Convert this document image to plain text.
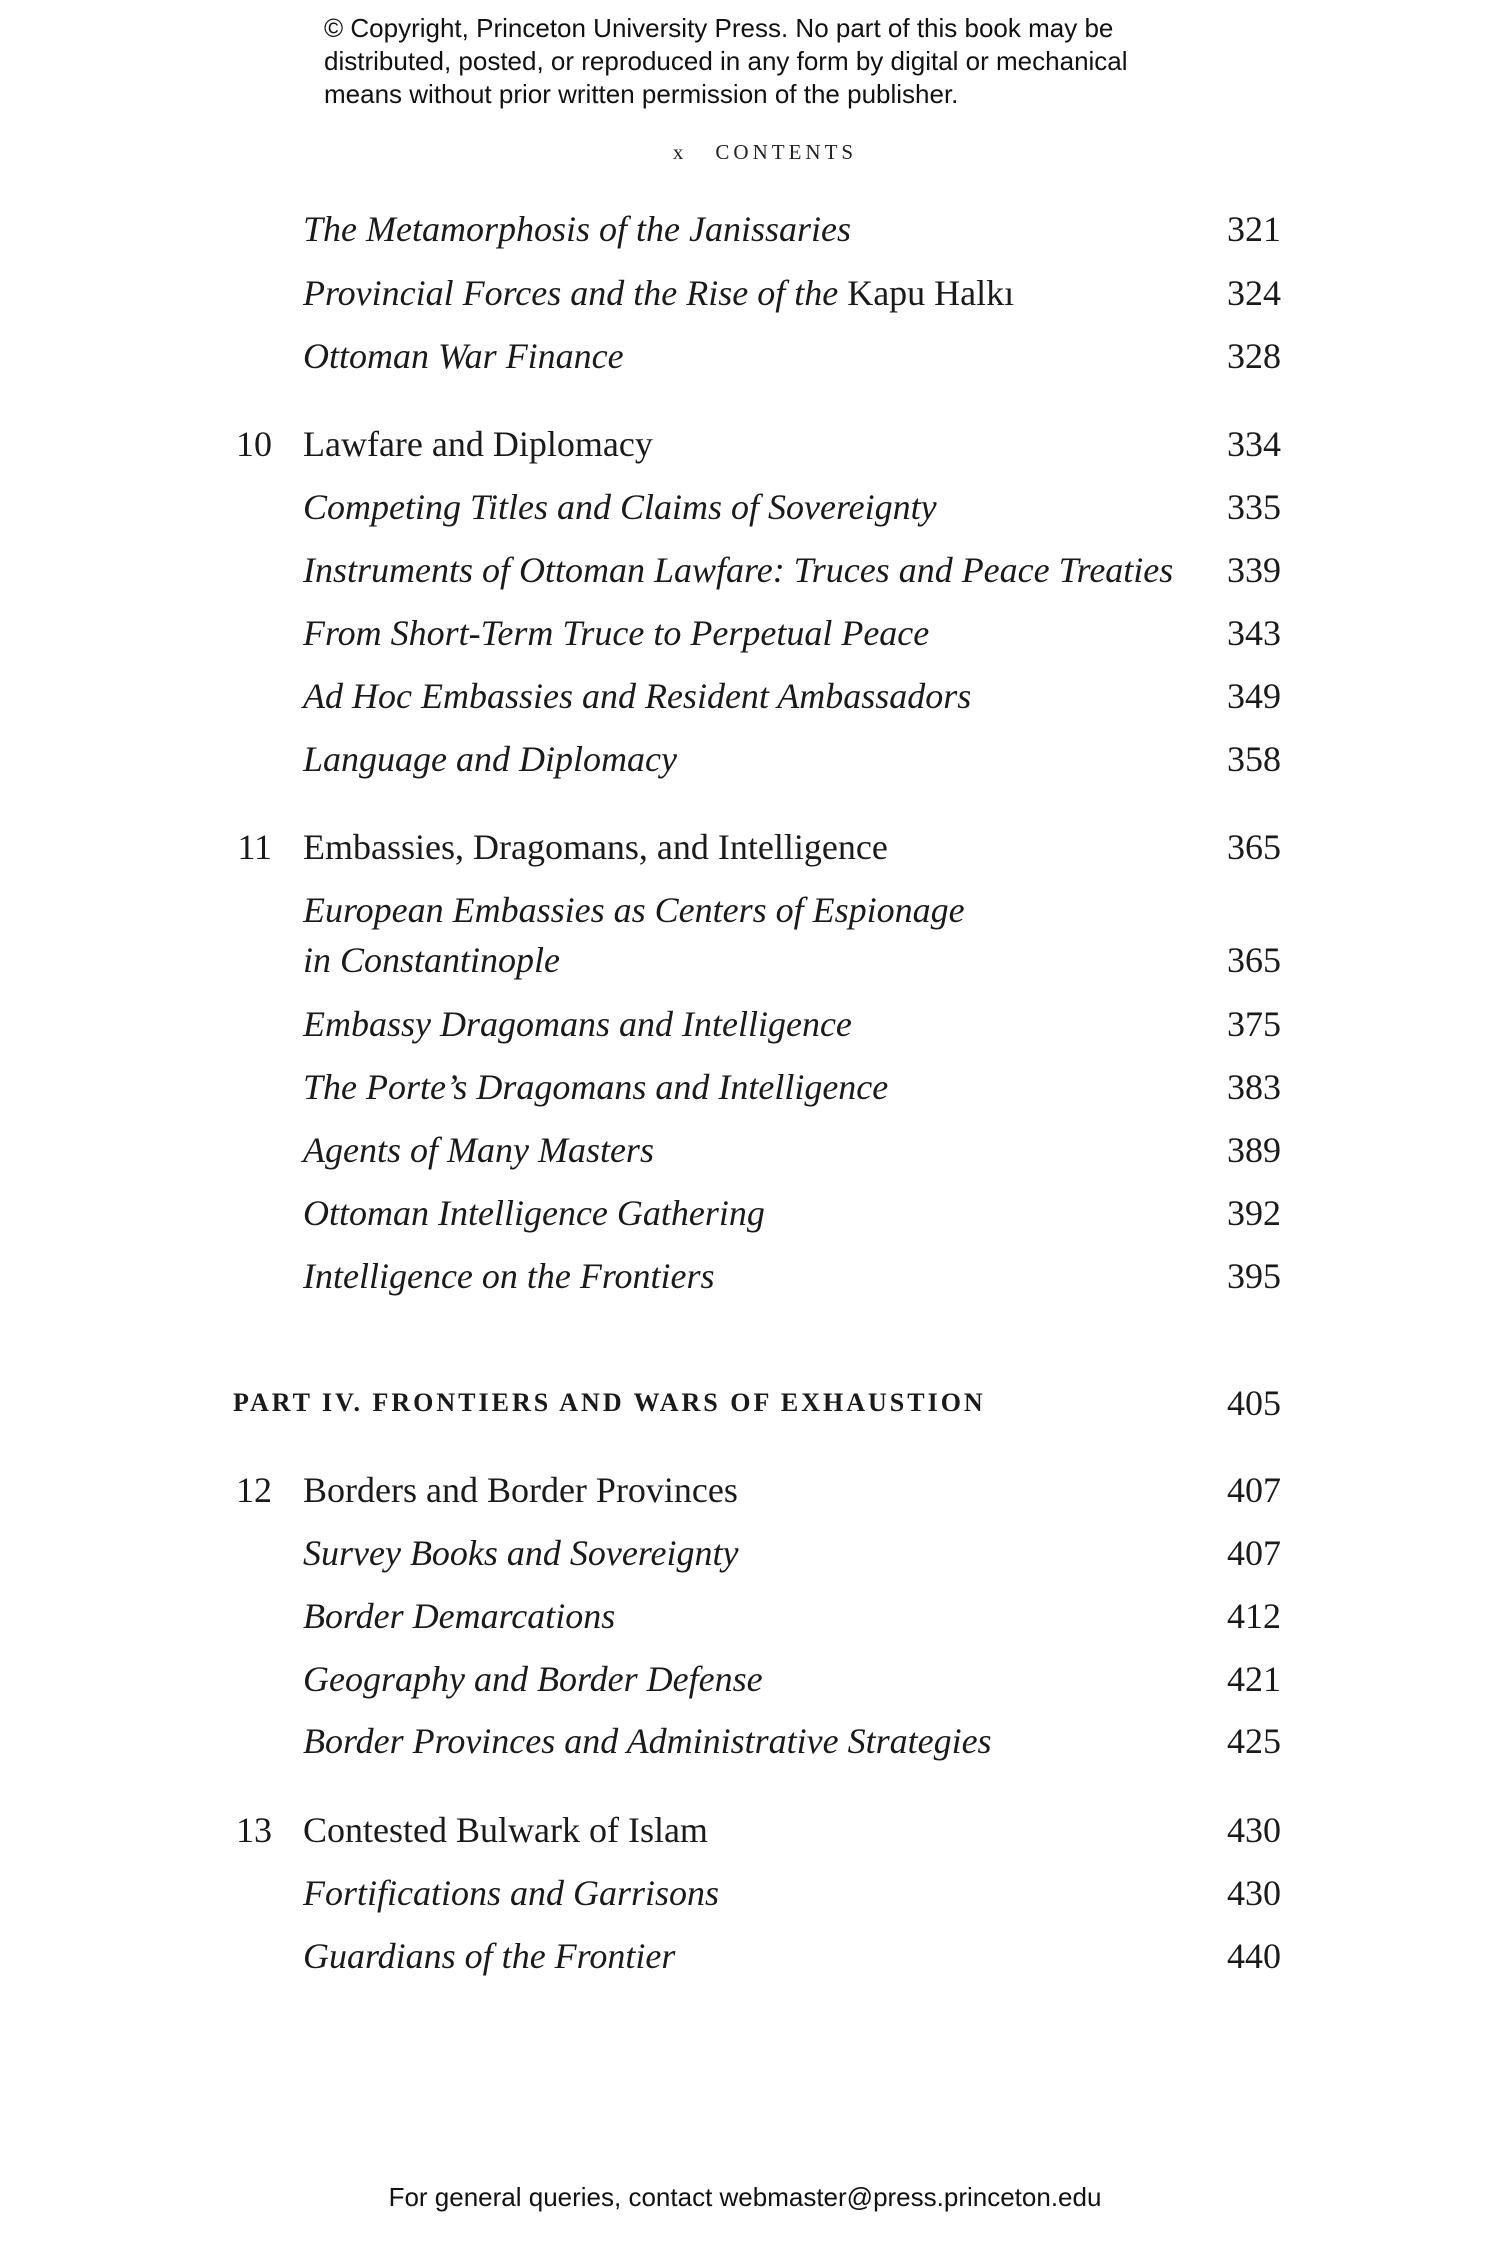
© Copyright, Princeton University Press. No part of this book may be
distributed, posted, or reproduced in any form by digital or mechanical
means without prior written permission of the publisher.
x CONTENTS
The Metamorphosis of the Janissaries	321
Provincial Forces and the Rise of the Kapu Halkı	324
Ottoman War Finance	328
10 Lawfare and Diplomacy	334
Competing Titles and Claims of Sovereignty	335
Instruments of Ottoman Lawfare: Truces and Peace Treaties 339
From Short-Term Truce to Perpetual Peace	343
Ad Hoc Embassies and Resident Ambassadors	349
Language and Diplomacy	358
11 Embassies, Dragomans, and Intelligence	365
European Embassies as Centers of Espionage
in Constantinople	365
Embassy Dragomans and Intelligence	375
The Porte’s Dragomans and Intelligence	383
Agents of Many Masters	389
Ottoman Intelligence Gathering	392
Intelligence on the Frontiers	395
PART IV. FRONTIERS AND WARS OF EXHAUSTION	405
12 Borders and Border Provinces	407
Survey Books and Sovereignty	407
Border Demarcations	412
Geography and Border Defense	421
Border Provinces and Administrative Strategies	425
13 Contested Bulwark of Islam	430
Fortifications and Garrisons	430
Guardians of the Frontier	440
For general queries, contact webmaster@press.princeton.edu
